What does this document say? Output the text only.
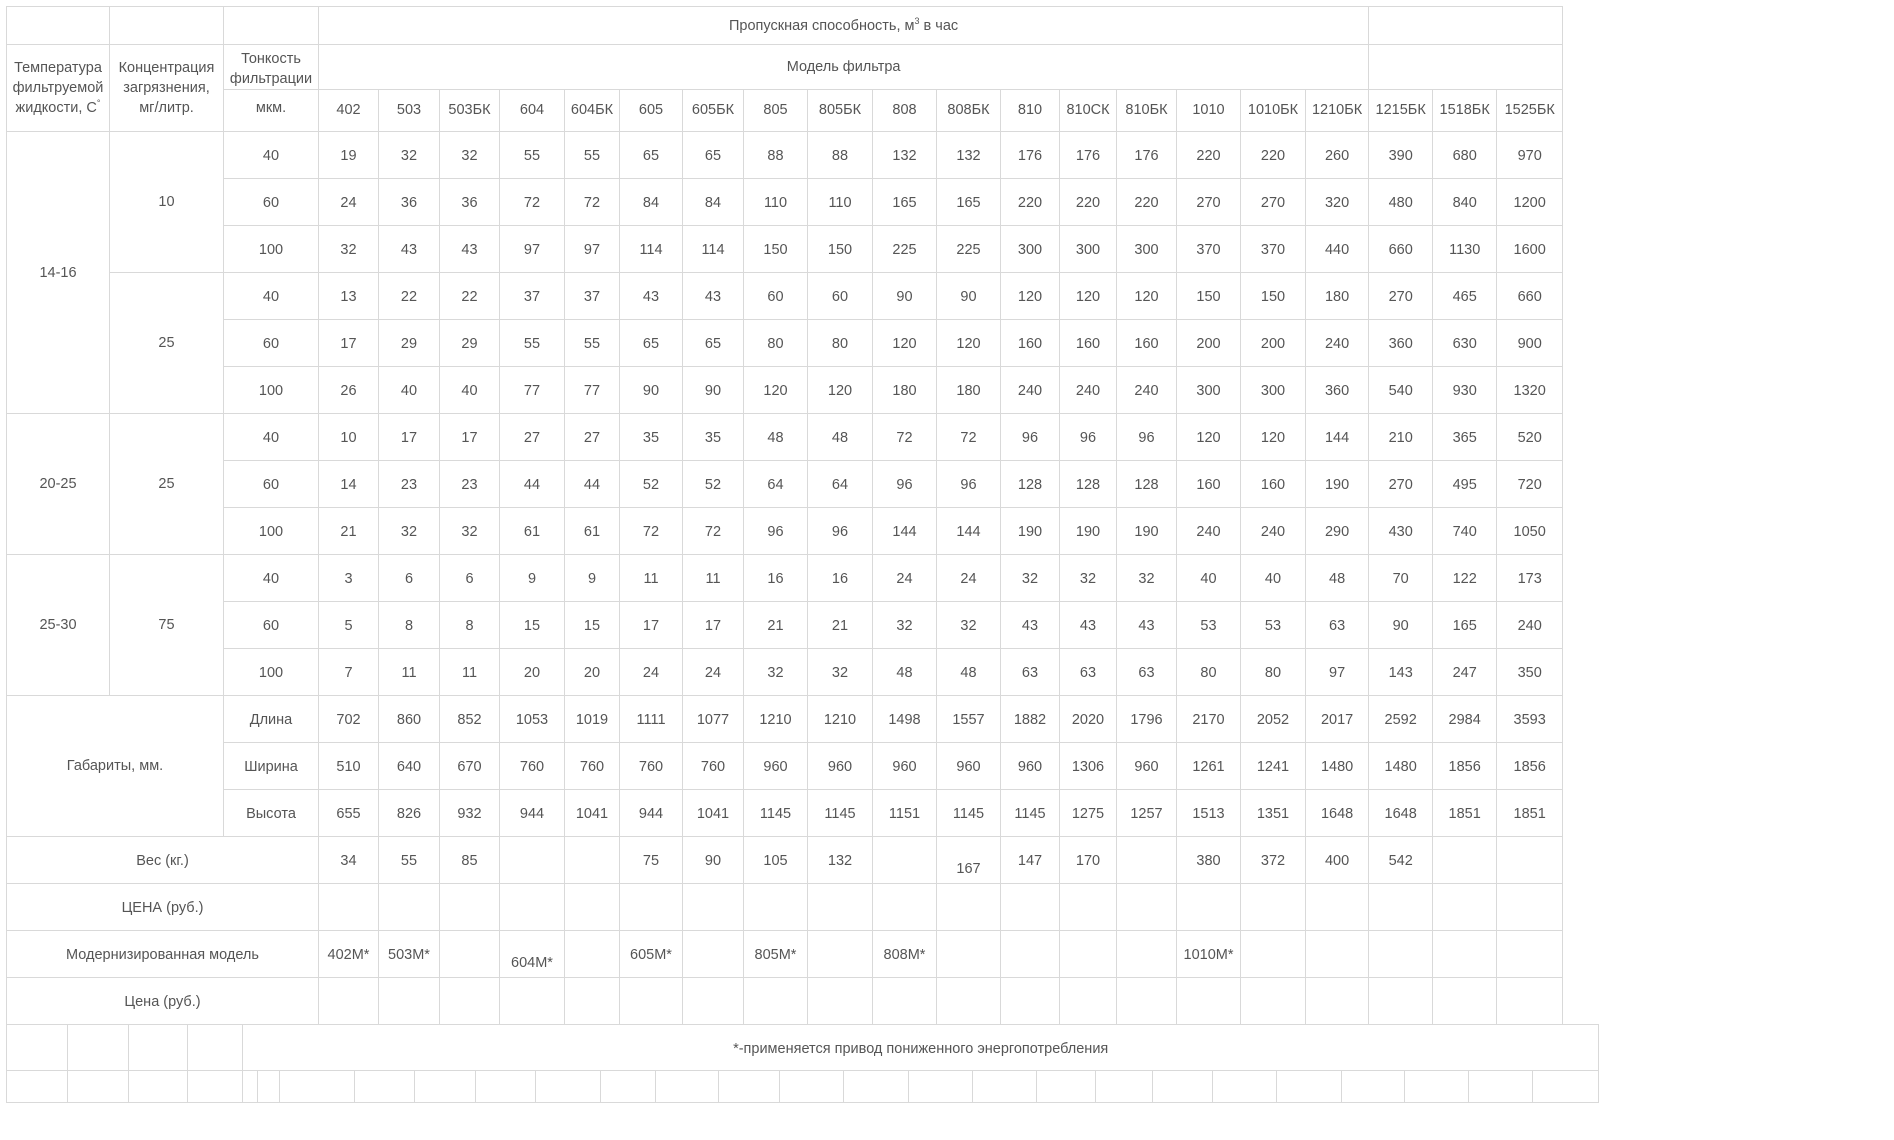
			Пропускная способность, $м^3$ в час																			
Температура фильтруемой жидкости, С°	Концентрация загрязнения, мг/литр.	Тонкость фильтрации	Модель фильтра																			
		мкм.	402	503	503БК	604	604БК	605	605БК	805	805БК	808	808БК	810	810СК	810БК	1010	1010БК	1210БК	1215БК	1518БК	1525БК
14-16	10	40	19	32	32	55	55	65	65	88	88	132	132	176	176	176	220	220	260	390	680	970
		60	24	36	36	72	72	84	84	110	110	165	165	220	220	220	270	270	320	480	840	1200
		100	32	43	43	97	97	114	114	150	150	225	225	300	300	300	370	370	440	660	1130	1600
	25	40	13	22	22	37	37	43	43	60	60	90	90	120	120	120	150	150	180	270	465	660
		60	17	29	29	55	55	65	65	80	80	120	120	160	160	160	200	200	240	360	630	900
		100	26	40	40	77	77	90	90	120	120	180	180	240	240	240	300	300	360	540	930	1320
20-25	25	40	10	17	17	27	27	35	35	48	48	72	72	96	96	96	120	120	144	210	365	520
		60	14	23	23	44	44	52	52	64	64	96	96	128	128	128	160	160	190	270	495	720
		100	21	32	32	61	61	72	72	96	96	144	144	190	190	190	240	240	290	430	740	1050
25-30	75	40	3	6	6	9	9	11	11	16	16	24	24	32	32	32	40	40	48	70	122	173
		60	5	8	8	15	15	17	17	21	21	32	32	43	43	43	53	53	63	90	165	240
		100	7	11	11	20	20	24	24	32	32	48	48	63	63	63	80	80	97	143	247	350
Габариты, мм.		Длина	702	860	852	1053	1019	1111	1077	1210	1210	1498	1557	1882	2020	1796	2170	2052	2017	2592	2984	3593
		Ширина	510	640	670	760	760	760	760	960	960	960	960	960	1306	960	1261	1241	1480	1480	1856	1856
		Высота	655	826	932	944	1041	944	1041	1145	1145	1151	1145	1145	1275	1257	1513	1351	1648	1648	1851	1851
Вес (кг.)			34	55	85			75	90	105	132		167	147	170		380	372	400	542		
ЦЕНА (руб.)																						
Модернизированная модель			402М*	503М*		604М*		605М*		805М*		808М*					1010М*					
Цена (руб.)																						
				*-применяется привод пониженного энергопотребления																						
